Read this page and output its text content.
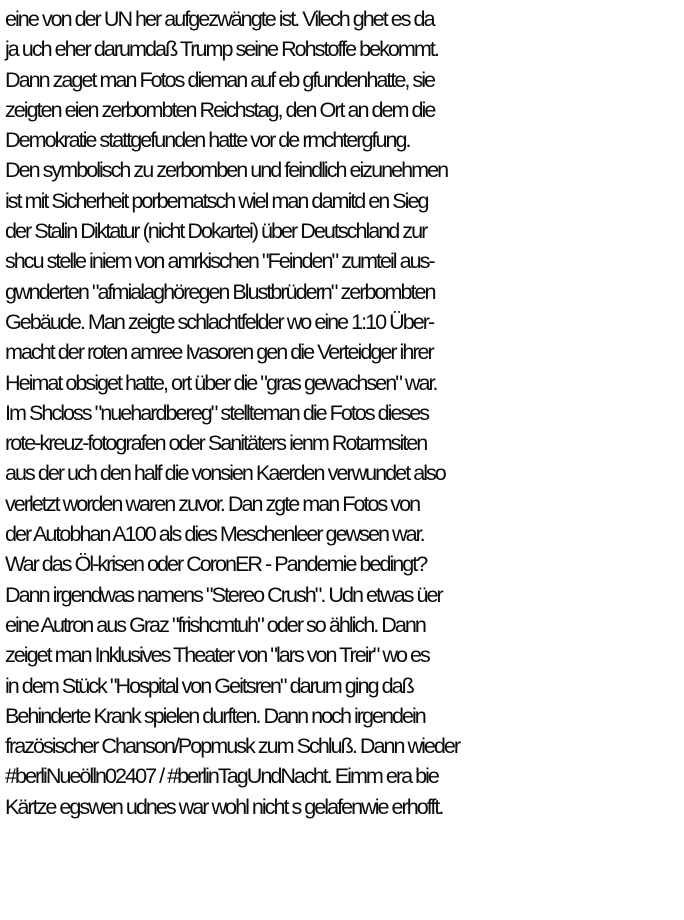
eine von der UN her aufgezwängte ist. Vilech ghet es da
ja uch eher darumdaß Trump seine Rohstoffe bekommt.
Dann zaget man Fotos dieman auf eb gfundenhatte, sie
zeigten eien zerbombten Reichstag, den Ort an dem die
Demokratie stattgefunden hatte vor de rmchtergfung.
Den symbolisch zu zerbomben und feindlich eizunehmen
ist mit Sicherheit porbematsch wiel man damitd en Sieg
der Stalin Diktatur (nicht Dokartei) über Deutschland zur
shcu stelle iniem von amrkischen "Feinden" zumteil aus-
gwnderten "afmialaghöregen Blustbrüdern" zerbombten
Gebäude. Man zeigte schlachtfelder wo eine 1:10 Über-
macht der roten amree Ivasoren gen die Verteidger ihrer
Heimat obsiget hatte, ort über die "gras gewachsen" war.
Im Shcloss "nuehardbereg" stellteman die Fotos dieses
rote-kreuz-fotografen oder Sanitäters ienm Rotarmsiten
aus der uch den half die vonsien Kaerden verwundet also
verletzt worden waren zuvor. Dan zgte man Fotos von
der Autobhan A100 als dies Meschenleer gewsen war.
War das Öl-krisen oder CoronER - Pandemie bedingt?
Dann irgendwas namens "Stereo Crush". Udn etwas üer
eine Autron aus Graz "frishcmtuh" oder so ählich. Dann
zeiget man Inklusives Theater von "lars von Treir" wo es
in dem Stück "Hospital von Geitsren" darum ging daß
Behinderte Krank spielen durften. Dann noch irgendein
frazösischer Chanson/Popmusk zum Schluß. Dann wieder
#berliNueölln02407 / #berlinTagUndNacht. Eimm era bie
Kärtze egswen udnes war wohl nicht s gelafenwie erhofft.
